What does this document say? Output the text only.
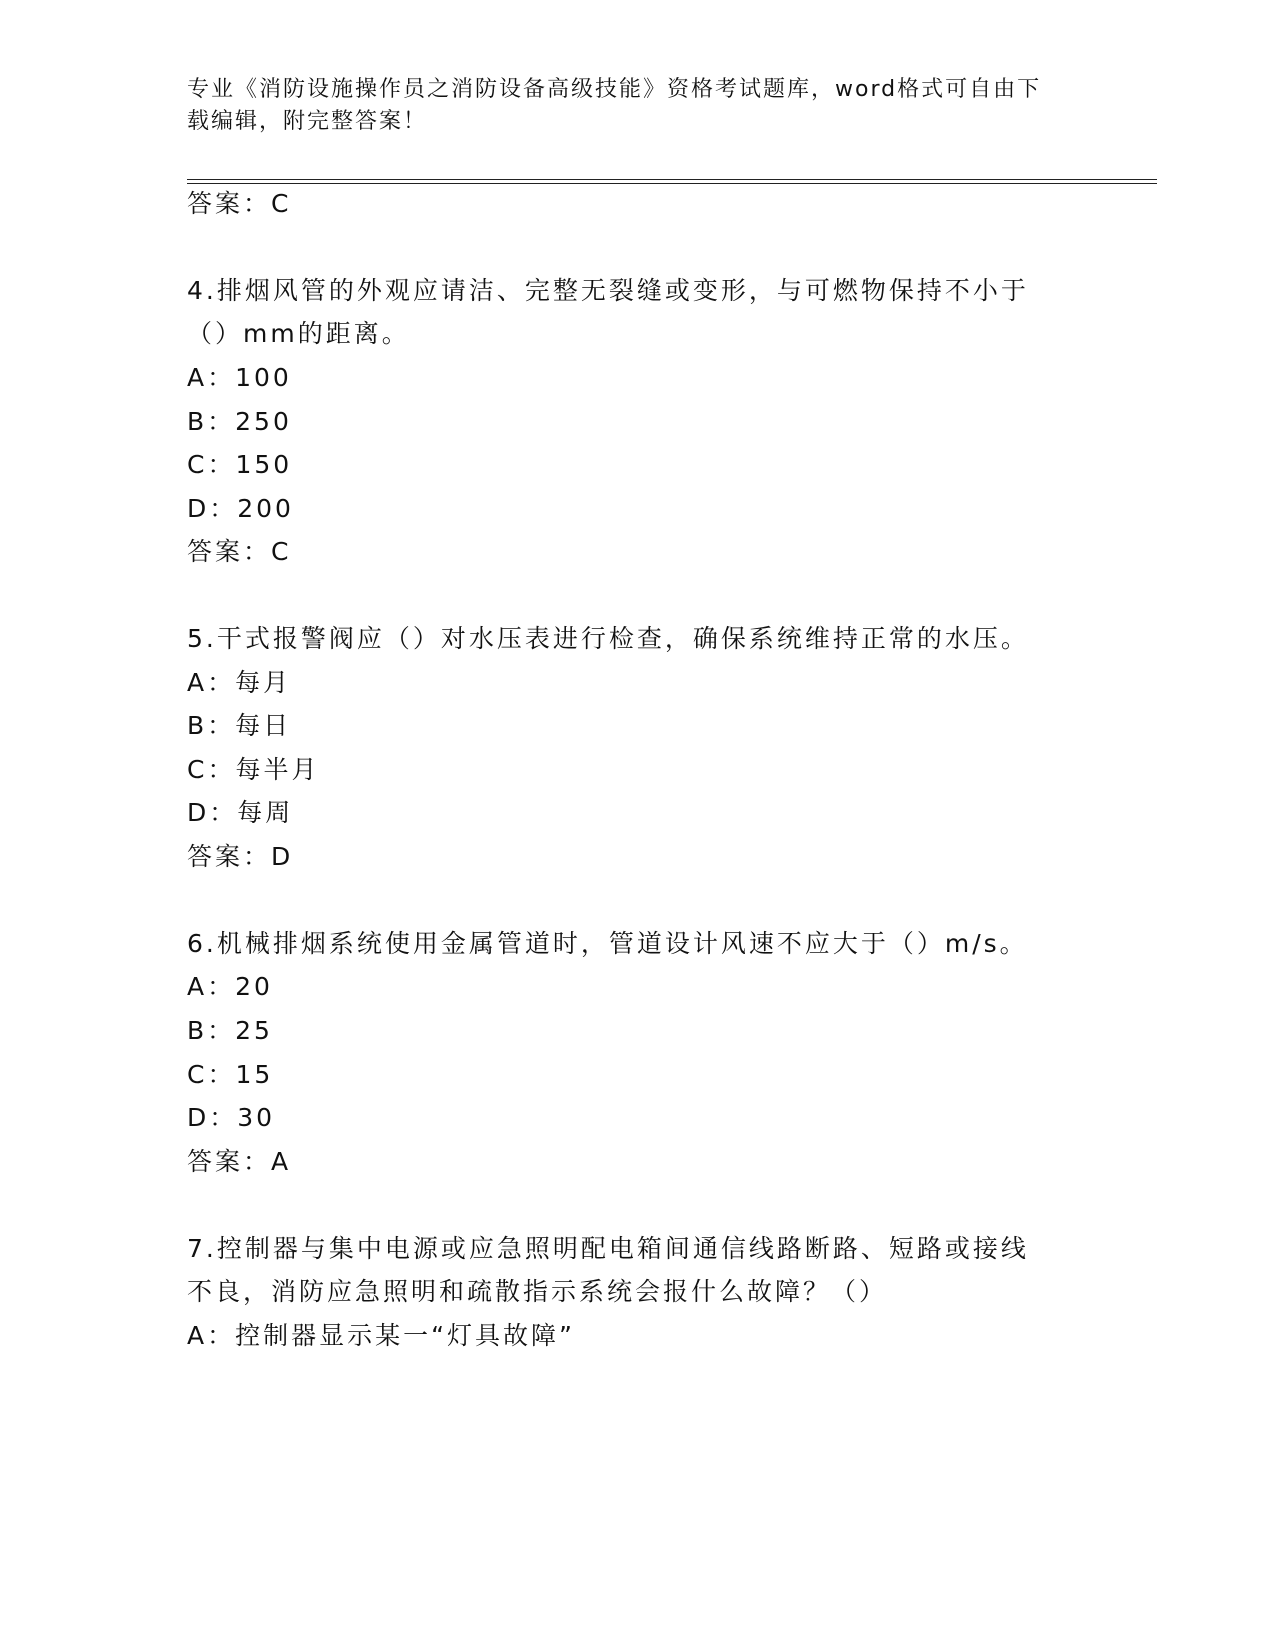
专业《消防设施操作员之消防设备高级技能》资格考试题库，word格式可自由下
载编辑，附完整答案！
答案：C
4.排烟风管的外观应请洁、完整无裂缝或变形，与可燃物保持不小于
（）mm的距离。
A：100
B：250
C：150
D：200
答案：C
5.干式报警阀应（）对水压表进行检查，确保系统维持正常的水压。
A：每月
B：每日
C：每半月
D：每周
答案：D
6.机械排烟系统使用金属管道时，管道设计风速不应大于（）m/s。
A：20
B：25
C：15
D：30
答案：A
7.控制器与集中电源或应急照明配电箱间通信线路断路、短路或接线
不良，消防应急照明和疏散指示系统会报什么故障？（）
A：控制器显示某一“灯具故障”
